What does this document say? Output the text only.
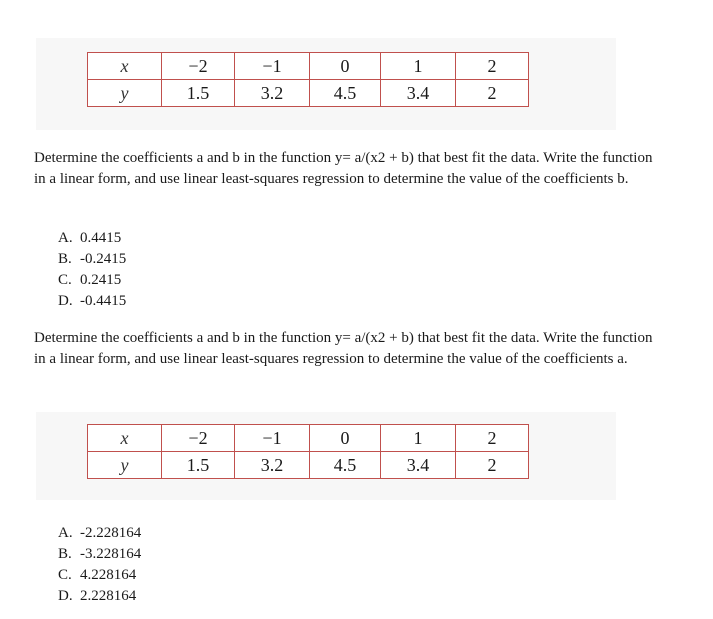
x	−2	−1	0	1	2
y	1.5	3.2	4.5	3.4	2

Determine the coefficients a and b in the function y= a/(x2 + b) that best fit the data. Write the function in a linear form, and use linear least-squares regression to determine the value of the coefficients b.

A. 0.4415
B. -0.2415
C. 0.2415
D. -0.4415

Determine the coefficients a and b in the function y= a/(x2 + b) that best fit the data. Write the function in a linear form, and use linear least-squares regression to determine the value of the coefficients a.

x	−2	−1	0	1	2
y	1.5	3.2	4.5	3.4	2
A. -2.228164
B. -3.228164
C. 4.228164
D. 2.228164
